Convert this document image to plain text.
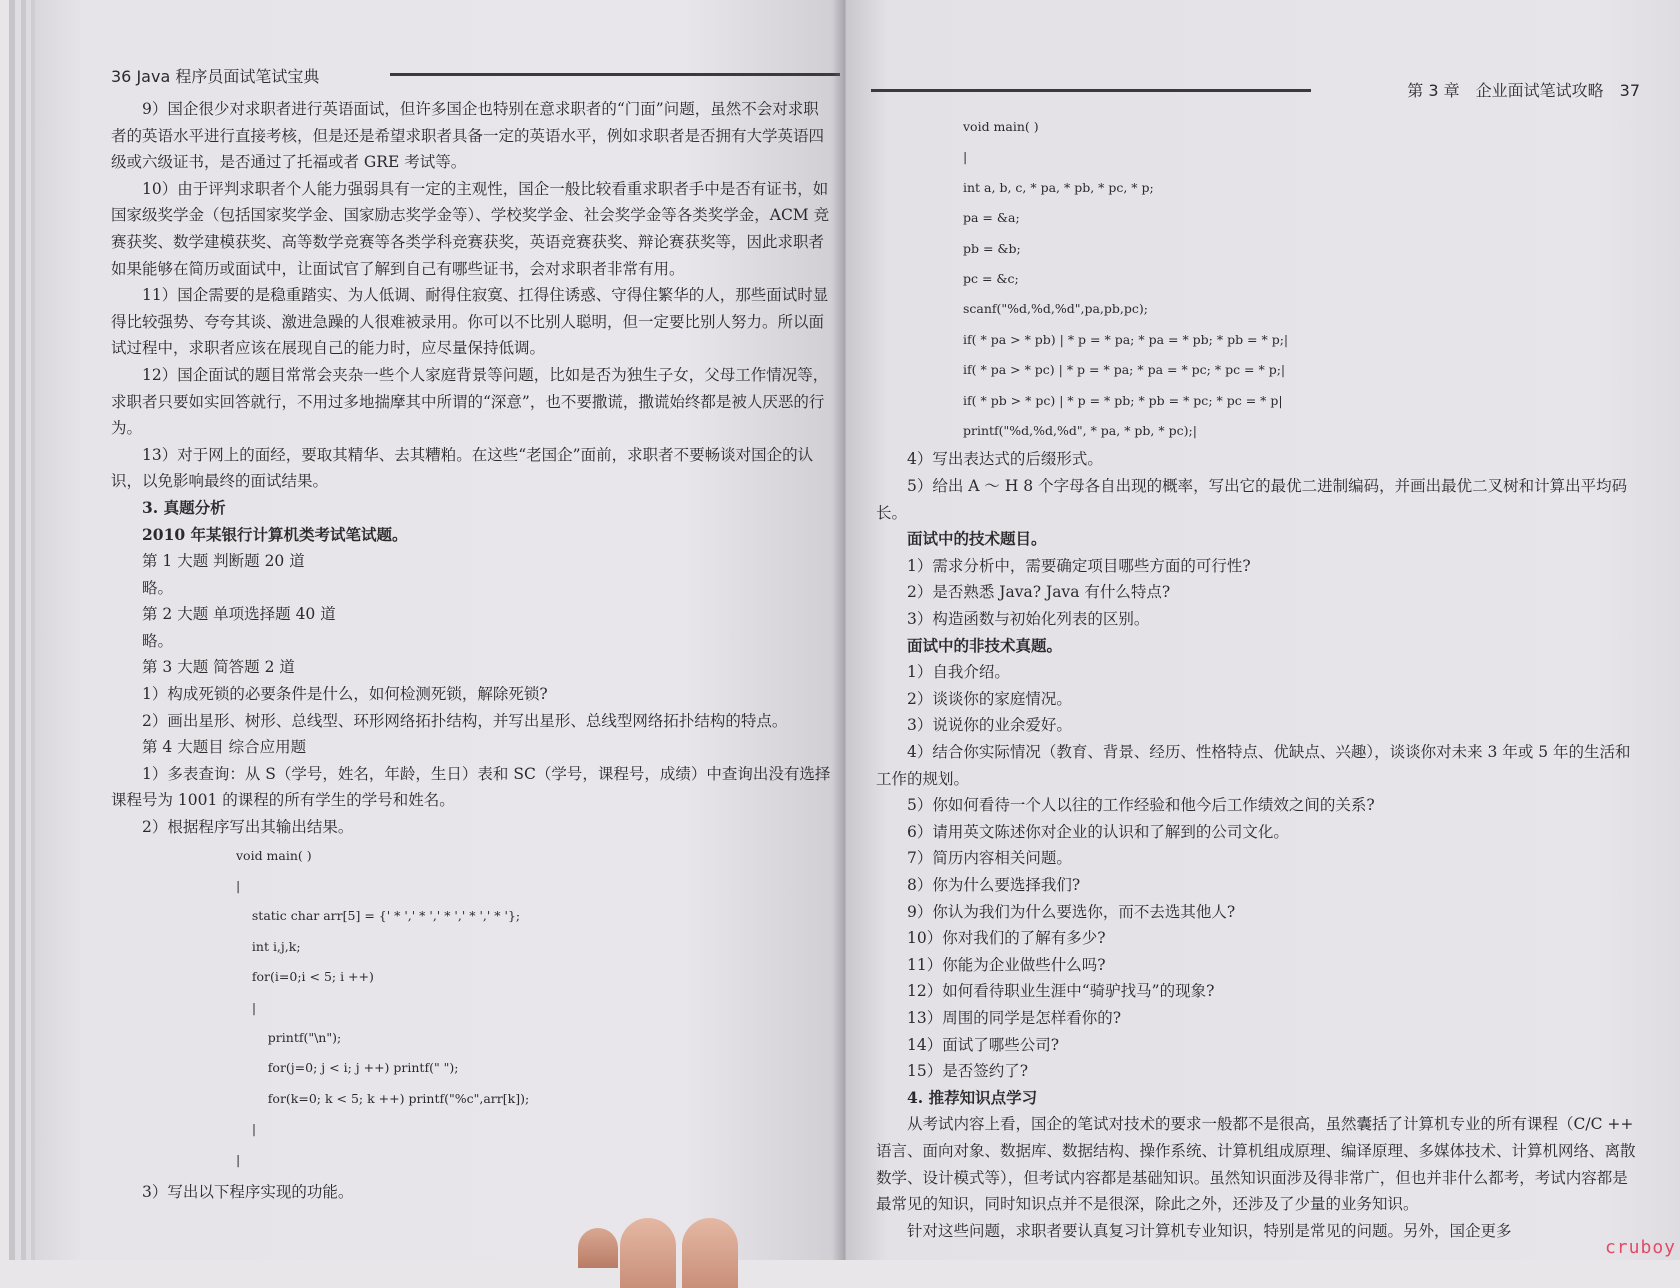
36 Java 程序员面试笔试宝典

9）国企很少对求职者进行英语面试，但许多国企也特别在意求职者的“门面”问题，虽然不会对求职者的英语水平进行直接考核，但是还是希望求职者具备一定的英语水平，例如求职者是否拥有大学英语四级或六级证书，是否通过了托福或者 GRE 考试等。

10）由于评判求职者个人能力强弱具有一定的主观性，国企一般比较看重求职者手中是否有证书，如国家级奖学金（包括国家奖学金、国家励志奖学金等）、学校奖学金、社会奖学金等各类奖学金，ACM 竞赛获奖、数学建模获奖、高等数学竞赛等各类学科竞赛获奖，英语竞赛获奖、辩论赛获奖等，因此求职者如果能够在简历或面试中，让面试官了解到自己有哪些证书，会对求职者非常有用。

11）国企需要的是稳重踏实、为人低调、耐得住寂寞、扛得住诱惑、守得住繁华的人，那些面试时显得比较强势、夸夸其谈、激进急躁的人很难被录用。你可以不比别人聪明，但一定要比别人努力。所以面试过程中，求职者应该在展现自己的能力时，应尽量保持低调。

12）国企面试的题目常常会夹杂一些个人家庭背景等问题，比如是否为独生子女，父母工作情况等，求职者只要如实回答就行，不用过多地揣摩其中所谓的“深意”，也不要撒谎，撒谎始终都是被人厌恶的行为。

13）对于网上的面经，要取其精华、去其糟粕。在这些“老国企”面前，求职者不要畅谈对国企的认识，以免影响最终的面试结果。

3. 真题分析

2010 年某银行计算机类考试笔试题。

第 1 大题 判断题 20 道

略。

第 2 大题 单项选择题 40 道

略。

第 3 大题 简答题 2 道

1）构成死锁的必要条件是什么，如何检测死锁，解除死锁?

2）画出星形、树形、总线型、环形网络拓扑结构，并写出星形、总线型网络拓扑结构的特点。

第 4 大题目 综合应用题

1）多表查询：从 S（学号，姓名，年龄，生日）表和 SC（学号，课程号，成绩）中查询出没有选择课程号为 1001 的课程的所有学生的学号和姓名。

2）根据程序写出其输出结果。

void main( )
|
static char arr[5] = {' * ',' * ',' * ',' * ',' * '};
int i,j,k;
for(i=0;i < 5; i ++)
|
printf("\n");
for(j=0; j < i; j ++) printf(" ");
for(k=0; k < 5; k ++) printf("%c",arr[k]);
|
|

3）写出以下程序实现的功能。

第 3 章　企业面试笔试攻略　37
void main( )
|
int a, b, c, * pa, * pb, * pc, * p;
pa = &a;
pb = &b;
pc = &c;
scanf("%d,%d,%d",pa,pb,pc);
if( * pa > * pb) | * p = * pa; * pa = * pb; * pb = * p;|
if( * pa > * pc) | * p = * pa; * pa = * pc; * pc = * p;|
if( * pb > * pc) | * p = * pb; * pb = * pc; * pc = * p|
printf("%d,%d,%d", * pa, * pb, * pc);|

4）写出表达式的后缀形式。

5）给出 A ～ H 8 个字母各自出现的概率，写出它的最优二进制编码，并画出最优二叉树和计算出平均码长。

面试中的技术题目。

1）需求分析中，需要确定项目哪些方面的可行性?

2）是否熟悉 Java? Java 有什么特点?

3）构造函数与初始化列表的区别。

面试中的非技术真题。

1）自我介绍。

2）谈谈你的家庭情况。

3）说说你的业余爱好。

4）结合你实际情况（教育、背景、经历、性格特点、优缺点、兴趣），谈谈你对未来 3 年或 5 年的生活和工作的规划。

5）你如何看待一个人以往的工作经验和他今后工作绩效之间的关系?

6）请用英文陈述你对企业的认识和了解到的公司文化。

7）简历内容相关问题。

8）你为什么要选择我们?

9）你认为我们为什么要选你，而不去选其他人?

10）你对我们的了解有多少?

11）你能为企业做些什么吗?

12）如何看待职业生涯中“骑驴找马”的现象?

13）周围的同学是怎样看你的?

14）面试了哪些公司?

15）是否签约了?

4. 推荐知识点学习

从考试内容上看，国企的笔试对技术的要求一般都不是很高，虽然囊括了计算机专业的所有课程（C/C ++ 语言、面向对象、数据库、数据结构、操作系统、计算机组成原理、编译原理、多媒体技术、计算机网络、离散数学、设计模式等），但考试内容都是基础知识。虽然知识面涉及得非常广，但也并非什么都考，考试内容都是最常见的知识，同时知识点并不是很深，除此之外，还涉及了少量的业务知识。

针对这些问题，求职者要认真复习计算机专业知识，特别是常见的问题。另外，国企更多

cruboy
